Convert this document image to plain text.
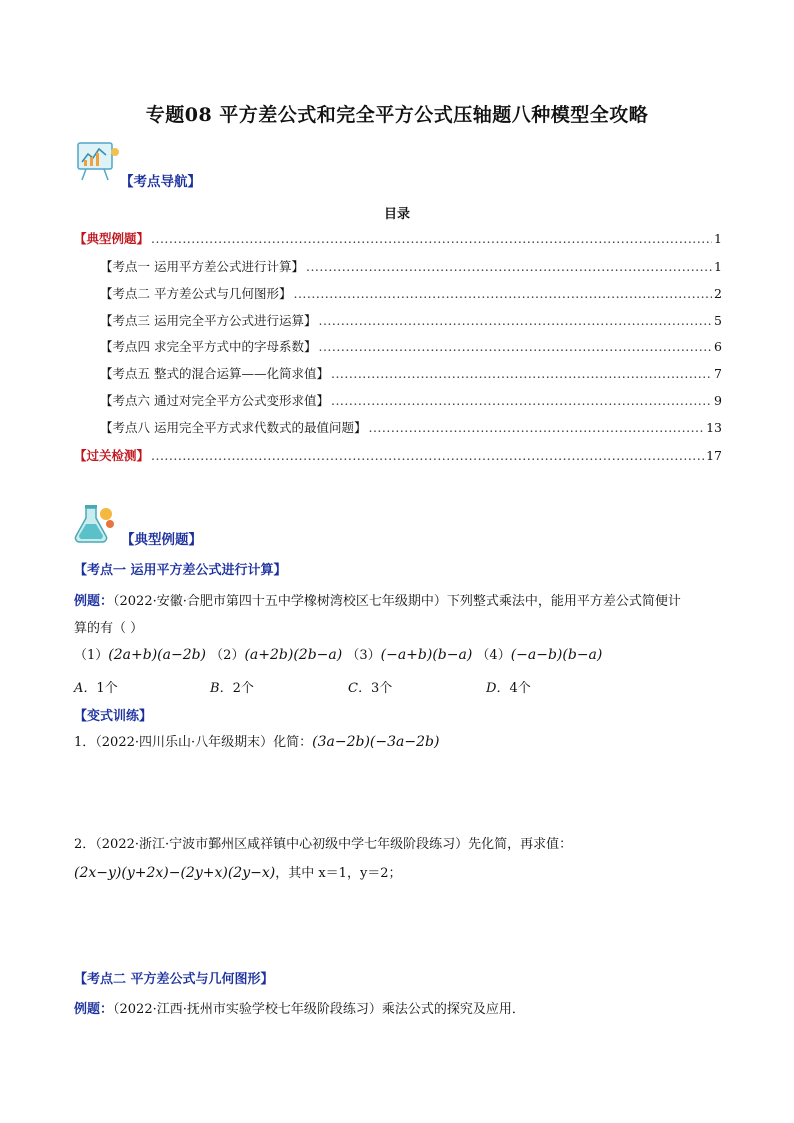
专题08 平方差公式和完全平方公式压轴题八种模型全攻略
【考点导航】
目录
【典型例题】 .....	1
【考点一 运用平方差公式进行计算】 .....	1
【考点二 平方差公式与几何图形】 .....	2
【考点三 运用完全平方公式进行运算】 .....	5
【考点四 求完全平方式中的字母系数】 .....	6
【考点五 整式的混合运算——化简求值】 .....	7
【考点六 通过对完全平方公式变形求值】 .....	9
【考点八 运用完全平方式求代数式的最值问题】 .....	13
【过关检测】 .....	17
【典型例题】
【考点一 运用平方差公式进行计算】
例题：（2022·安徽·合肥市第四十五中学橡树湾校区七年级期中）下列整式乘法中，能用平方差公式简便计
算的有（ ）
（1）(2a+b)(a−2b) （2）(a+2b)(2b−a) （3）(−a+b)(b−a) （4）(−a−b)(b−a)
A．1个	B．2个	C．3个	D．4个
【变式训练】
1．（2022·四川乐山·八年级期末）化简：(3a−2b)(−3a−2b)
2．（2022·浙江·宁波市鄞州区咸祥镇中心初级中学七年级阶段练习）先化简，再求值：
(2x−y)(y+2x)−(2y+x)(2y−x)，其中 x＝1，y＝2；
【考点二 平方差公式与几何图形】
例题：（2022·江西·抚州市实验学校七年级阶段练习）乘法公式的探究及应用．
